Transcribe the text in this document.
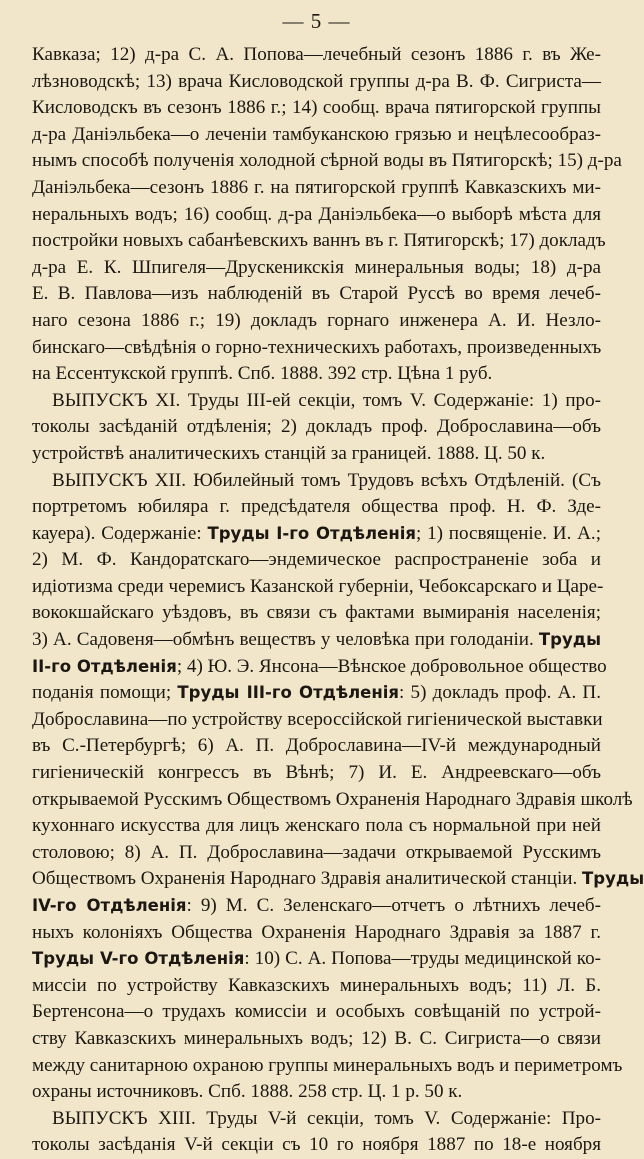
— 5 —
Кавказа; 12) д-ра С. А. Попова—лечебный сезонъ 1886 г. въ Же-
лѣзноводскѣ; 13) врача Кисловодской группы д-ра В. Ф. Сигриста—
Кисловодскъ въ сезонъ 1886 г.; 14) сообщ. врача пятигорской группы
д-ра Даніэльбека—о леченіи тамбуканскою грязью и нецѣлесообраз-
нымъ способѣ полученія холодной сѣрной воды въ Пятигорскѣ; 15) д-ра
Даніэльбека—сезонъ 1886 г. на пятигорской группѣ Кавказскихъ ми-
неральныхъ водъ; 16) сообщ. д-ра Даніэльбека—о выборѣ мѣста для
постройки новыхъ сабанѣевскихъ ваннъ въ г. Пятигорскѣ; 17) докладъ
д-ра Е. К. Шпигеля—Друскеникскія минеральныя воды; 18) д-ра
Е. В. Павлова—изъ наблюденій въ Старой Руссѣ во время лечеб-
наго сезона 1886 г.; 19) докладъ горнаго инженера А. И. Незло-
бинскаго—свѣдѣнія о горно-техническихъ работахъ, произведенныхъ
на Ессентукской группѣ. Спб. 1888. 392 стр. Цѣна 1 руб.
ВЫПУСКЪ XI. Труды III-ей секціи, томъ V. Содержаніе: 1) про-
токолы засѣданій отдѣленія; 2) докладъ проф. Доброславина—объ
устройствѣ аналитическихъ станцій за границей. 1888. Ц. 50 к.
ВЫПУСКЪ XII. Юбилейный томъ Трудовъ всѣхъ Отдѣленій. (Съ
портретомъ юбиляра г. предсѣдателя общества проф. Н. Ф. Зде-
кауера). Содержаніе: Труды I-го Отдѣленія; 1) посвященіе. И. А.;
2) М. Ф. Кандоратскаго—эндемическое распространеніе зоба и
идіотизма среди черемисъ Казанской губерніи, Чебоксарскаго и Царе-
вококшайскаго уѣздовъ, въ связи съ фактами вымиранія населенія;
3) А. Садовеня—обмѣнъ веществъ у человѣка при голоданіи. Труды
II-го Отдѣленія; 4) Ю. Э. Янсона—Вѣнское добровольное общество
поданія помощи; Труды III-го Отдѣленія: 5) докладъ проф. А. П.
Доброславина—по устройству всероссійской гигіенической выставки
въ С.-Петербургѣ; 6) А. П. Доброславина—IV-й международный
гигіеническій конгрессъ въ Вѣнѣ; 7) И. Е. Андреевскаго—объ
открываемой Русскимъ Обществомъ Охраненія Народнаго Здравія школѣ
кухоннаго искусства для лицъ женскаго пола съ нормальной при ней
столовою; 8) А. П. Доброславина—задачи открываемой Русскимъ
Обществомъ Охраненія Народнаго Здравія аналитической станціи. Труды
IV-го Отдѣленія: 9) М. С. Зеленскаго—отчетъ о лѣтнихъ лечеб-
ныхъ колоніяхъ Общества Охраненія Народнаго Здравія за 1887 г.
Труды V-го Отдѣленія: 10) С. А. Попова—труды медицинской ко-
миссіи по устройству Кавказскихъ минеральныхъ водъ; 11) Л. Б.
Бертенсона—о трудахъ комиссіи и особыхъ совѣщаній по устрой-
ству Кавказскихъ минеральныхъ водъ; 12) В. С. Сигриста—о связи
между санитарною охраною группы минеральныхъ водъ и периметромъ
охраны источниковъ. Спб. 1888. 258 стр. Ц. 1 р. 50 к.
ВЫПУСКЪ XIII. Труды V-й секціи, томъ V. Содержаніе: Про-
токолы засѣданія V-й секціи съ 10 го ноября 1887 по 18-е ноября
